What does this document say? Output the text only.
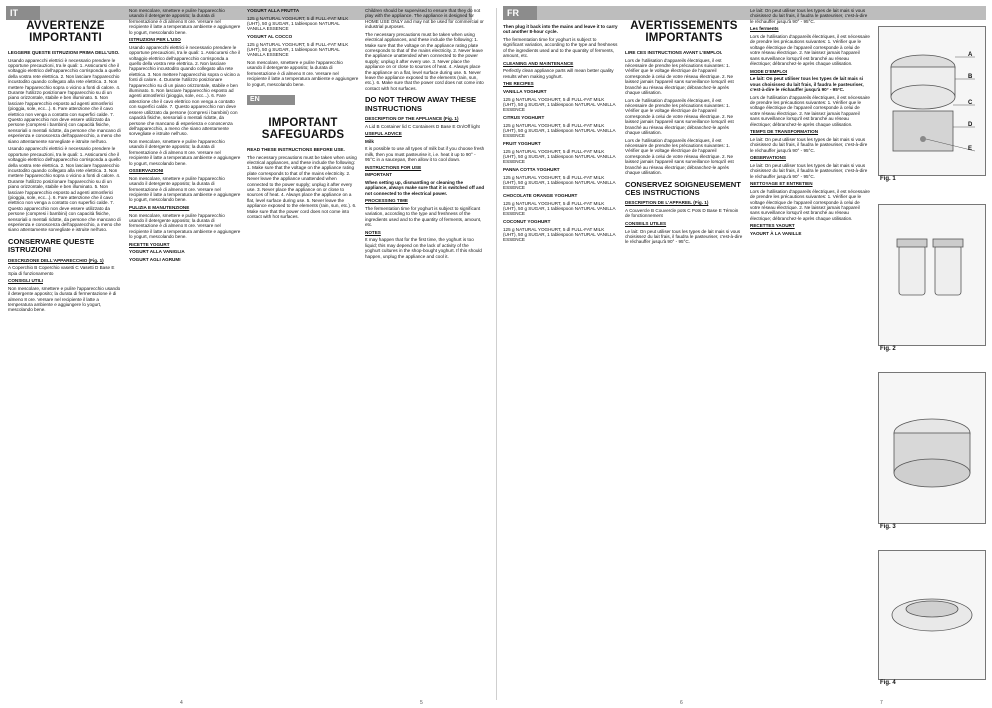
IT	FR
AVVERTENZE IMPORTANTI

LEGGERE QUESTE ISTRUZIONI PRIMA DELL'USO.

Usando apparecchi elettrici è necessario prendere le opportune precauzioni, tra le quali: 1. Assicurarsi che il voltaggio elettrico dell'apparecchio corrisponda a quello della vostra rete elettrica. 2. Non lasciare l'apparecchio incustodito quando collegato alla rete elettrica. 3. Non mettere l'apparecchio sopra o vicino a fonti di calore. 4. Durante l'utilizzo posizionare l'apparecchio su di un piano orizzontale, stabile e ben illuminato. 5. Non lasciare l'apparecchio esposto ad agenti atmosferici (pioggia, sole, ecc...). 6. Fare attenzione che il cavo elettrico non venga a contatto con superfici calde. 7. Questo apparecchio non deve essere utilizzato da persone (compresi i bambini) con capacità fisiche, sensoriali o mentali ridotte, da persone che mancano di esperienza e conoscenza dell'apparecchio, a meno che siano attentamente sorvegliate e istruite nell'uso.

Usando apparecchi elettrici è necessario prendere le opportune precauzioni, tra le quali: 1. Assicurarsi che il voltaggio elettrico dell'apparecchio corrisponda a quello della vostra rete elettrica. 2. Non lasciare l'apparecchio incustodito quando collegato alla rete elettrica. 3. Non mettere l'apparecchio sopra o vicino a fonti di calore. 4. Durante l'utilizzo posizionare l'apparecchio su di un piano orizzontale, stabile e ben illuminato. 5. Non lasciare l'apparecchio esposto ad agenti atmosferici (pioggia, sole, ecc...). 6. Fare attenzione che il cavo elettrico non venga a contatto con superfici calde. 7. Questo apparecchio non deve essere utilizzato da persone (compresi i bambini) con capacità fisiche, sensoriali o mentali ridotte, da persone che mancano di esperienza e conoscenza dell'apparecchio, a meno che siano attentamente sorvegliate e istruite nell'uso.

CONSERVARE QUESTE ISTRUZIONI

DESCRIZIONE DELL'APPARECCHIO (Fig. 1)

A Coperchio B Coperchio vasetti C Vasetti D Base E Spia di funzionamento

CONSIGLI UTILI

Non mescolare, smettere e pulire l'apparecchio usando il detergente apposito; la durata di fermentazione è di almeno 8 ore. Versare nel recipiente il latte a temperatura ambiente e aggiungere lo yogurt, mescolando bene.

Non mescolare, smettere e pulire l'apparecchio usando il detergente apposito; la durata di fermentazione è di almeno 8 ore. Versare nel recipiente il latte a temperatura ambiente e aggiungere lo yogurt, mescolando bene.

ISTRUZIONI PER L'USO

Usando apparecchi elettrici è necessario prendere le opportune precauzioni, tra le quali: 1. Assicurarsi che il voltaggio elettrico dell'apparecchio corrisponda a quello della vostra rete elettrica. 2. Non lasciare l'apparecchio incustodito quando collegato alla rete elettrica. 3. Non mettere l'apparecchio sopra o vicino a fonti di calore. 4. Durante l'utilizzo posizionare l'apparecchio su di un piano orizzontale, stabile e ben illuminato. 5. Non lasciare l'apparecchio esposto ad agenti atmosferici (pioggia, sole, ecc...). 6. Fare attenzione che il cavo elettrico non venga a contatto con superfici calde. 7. Questo apparecchio non deve essere utilizzato da persone (compresi i bambini) con capacità fisiche, sensoriali o mentali ridotte, da persone che mancano di esperienza e conoscenza dell'apparecchio, a meno che siano attentamente sorvegliate e istruite nell'uso.

Non mescolare, smettere e pulire l'apparecchio usando il detergente apposito; la durata di fermentazione è di almeno 8 ore. Versare nel recipiente il latte a temperatura ambiente e aggiungere lo yogurt, mescolando bene.

OSSERVAZIONI

Non mescolare, smettere e pulire l'apparecchio usando il detergente apposito; la durata di fermentazione è di almeno 8 ore. Versare nel recipiente il latte a temperatura ambiente e aggiungere lo yogurt, mescolando bene.

PULIZIA E MANUTENZIONE

Non mescolare, smettere e pulire l'apparecchio usando il detergente apposito; la durata di fermentazione è di almeno 8 ore. Versare nel recipiente il latte a temperatura ambiente e aggiungere lo yogurt, mescolando bene.

RICETTE YOGURT

YOGURT ALLA VANIGLIA

YOGURT AGLI AGRUMI

YOGURT ALLA FRUTTA

125 g NATURAL YOGHURT, 5 dl FULL-FAT MILK (UHT), 50 g SUGAR, 1 tablespoon NATURAL VANILLA ESSENCE

YOGURT AL COCCO

125 g NATURAL YOGHURT, 5 dl FULL-FAT MILK (UHT), 50 g SUGAR, 1 tablespoon NATURAL VANILLA ESSENCE

Non mescolare, smettere e pulire l'apparecchio usando il detergente apposito; la durata di fermentazione è di almeno 8 ore. Versare nel recipiente il latte a temperatura ambiente e aggiungere lo yogurt, mescolando bene.

EN
IMPORTANT SAFEGUARDS

READ THESE INSTRUCTIONS BEFORE USE.

The necessary precautions must be taken when using electrical appliances, and these include the following: 1. Make sure that the voltage on the appliance rating plate corresponds to that of the mains electricity. 2. Never leave the appliance unattended when connected to the power supply; unplug it after every use. 3. Never place the appliance on or close to sources of heat. 4. Always place the appliance on a flat, level surface during use. 5. Never leave the appliance exposed to the elements (rain, sun, etc.). 6. Make sure that the power cord does not come into contact with hot surfaces.

Children should be supervised to ensure that they do not play with the appliance. The appliance is designed for HOME USE ONLY and may not be used for commercial or industrial purposes.

The necessary precautions must be taken when using electrical appliances, and these include the following: 1. Make sure that the voltage on the appliance rating plate corresponds to that of the mains electricity. 2. Never leave the appliance unattended when connected to the power supply; unplug it after every use. 3. Never place the appliance on or close to sources of heat. 4. Always place the appliance on a flat, level surface during use. 5. Never leave the appliance exposed to the elements (rain, sun, etc.). 6. Make sure that the power cord does not come into contact with hot surfaces.

DO NOT THROW AWAY THESE INSTRUCTIONS

DESCRIPTION OF THE APPLIANCE (Fig. 1)

A Lid B Container lid C Containers D Base E On/Off light

USEFUL ADVICE

Milk

It is possible to use all types of milk but if you choose fresh milk, then you must pasteurise it, i.e. heat it up to 90° - 95°C in a saucepan, then allow it to cool down.

INSTRUCTIONS FOR USE

IMPORTANT

When setting up, dismantling or cleaning the appliance, always make sure that it is switched off and not connected to the electrical power.

PROCESSING TIME

The fermentation time for yoghurt is subject to significant variation, according to the type and freshness of the ingredients used and to the quantity of ferments, amount, etc.

NOTES

It may happen that for the first time, the yoghurt is too liquid; this may depend on the lack of activity of the yoghurt cultures in the shop-bought yoghurt. If this should happen, unplug the appliance and cool it.

Then plug it back into the mains and leave it to carry out another 8-hour cycle.

The fermentation time for yoghurt is subject to significant variation, according to the type and freshness of the ingredients used and to the quantity of ferments, amount, etc.

CLEANING AND MAINTENANCE

Perfectly clean appliance parts will mean better quality results when making yoghurt.

THE RECIPES

VANILLA YOGHURT

125 g NATURAL YOGHURT, 5 dl FULL-FAT MILK (UHT), 50 g SUGAR, 1 tablespoon NATURAL VANILLA ESSENCE

CITRUS YOGHURT

125 g NATURAL YOGHURT, 5 dl FULL-FAT MILK (UHT), 50 g SUGAR, 1 tablespoon NATURAL VANILLA ESSENCE

FRUIT YOGHURT

125 g NATURAL YOGHURT, 5 dl FULL-FAT MILK (UHT), 50 g SUGAR, 1 tablespoon NATURAL VANILLA ESSENCE

PANNA COTTA YOGHURT

125 g NATURAL YOGHURT, 5 dl FULL-FAT MILK (UHT), 50 g SUGAR, 1 tablespoon NATURAL VANILLA ESSENCE

CHOCOLATE ORANGE YOGHURT

125 g NATURAL YOGHURT, 5 dl FULL-FAT MILK (UHT), 50 g SUGAR, 1 tablespoon NATURAL VANILLA ESSENCE

COCONUT YOGHURT

125 g NATURAL YOGHURT, 5 dl FULL-FAT MILK (UHT), 50 g SUGAR, 1 tablespoon NATURAL VANILLA ESSENCE

AVERTISSEMENTS IMPORTANTS

LIRE CES INSTRUCTIONS AVANT L'EMPLOI.

Lors de l'utilisation d'appareils électriques, il est nécessaire de prendre les précautions suivantes: 1. Vérifier que le voltage électrique de l'appareil corresponde à celui de votre réseau électrique. 2. Ne laissez jamais l'appareil sans surveillance lorsqu'il est branché au réseau électrique; débranchez-le après chaque utilisation.

Lors de l'utilisation d'appareils électriques, il est nécessaire de prendre les précautions suivantes: 1. Vérifier que le voltage électrique de l'appareil corresponde à celui de votre réseau électrique. 2. Ne laissez jamais l'appareil sans surveillance lorsqu'il est branché au réseau électrique; débranchez-le après chaque utilisation.

Lors de l'utilisation d'appareils électriques, il est nécessaire de prendre les précautions suivantes: 1. Vérifier que le voltage électrique de l'appareil corresponde à celui de votre réseau électrique. 2. Ne laissez jamais l'appareil sans surveillance lorsqu'il est branché au réseau électrique; débranchez-le après chaque utilisation.

CONSERVEZ SOIGNEUSEMENT CES INSTRUCTIONS

DESCRIPTION DE L'APPAREIL (Fig. 1)

A Couvercle B Couvercle pots C Pots D Base E Témoin de fonctionnement

CONSEILS UTILES

Le lait: On peut utiliser tous les types de lait mais si vous choisissez du lait frais, il faudra le pasteuriser, c'est-à-dire le réchauffer jusqu'à 90° - 95°C.

Le lait: On peut utiliser tous les types de lait mais si vous choisissez du lait frais, il faudra le pasteuriser, c'est-à-dire le réchauffer jusqu'à 90° - 95°C.

Les ferments

Lors de l'utilisation d'appareils électriques, il est nécessaire de prendre les précautions suivantes: 1. Vérifier que le voltage électrique de l'appareil corresponde à celui de votre réseau électrique. 2. Ne laissez jamais l'appareil sans surveillance lorsqu'il est branché au réseau électrique; débranchez-le après chaque utilisation.

MODE D'EMPLOI

Le lait: On peut utiliser tous les types de lait mais si vous choisissez du lait frais, il faudra le pasteuriser, c'est-à-dire le réchauffer jusqu'à 90° - 95°C.

Lors de l'utilisation d'appareils électriques, il est nécessaire de prendre les précautions suivantes: 1. Vérifier que le voltage électrique de l'appareil corresponde à celui de votre réseau électrique. 2. Ne laissez jamais l'appareil sans surveillance lorsqu'il est branché au réseau électrique; débranchez-le après chaque utilisation.

TEMPS DE TRANSFORMATION

Le lait: On peut utiliser tous les types de lait mais si vous choisissez du lait frais, il faudra le pasteuriser, c'est-à-dire le réchauffer jusqu'à 90° - 95°C.

OBSERVATIONS

Le lait: On peut utiliser tous les types de lait mais si vous choisissez du lait frais, il faudra le pasteuriser, c'est-à-dire le réchauffer jusqu'à 90° - 95°C.

NETTOYAGE ET ENTRETIEN

Lors de l'utilisation d'appareils électriques, il est nécessaire de prendre les précautions suivantes: 1. Vérifier que le voltage électrique de l'appareil corresponde à celui de votre réseau électrique. 2. Ne laissez jamais l'appareil sans surveillance lorsqu'il est branché au réseau électrique; débranchez-le après chaque utilisation.

RECETTES YAOURT

YAOURT À LA VANILLE

A
B
C
D
E
Fig. 1
Fig. 2
Fig. 3
Fig. 4
4	5	6	7
